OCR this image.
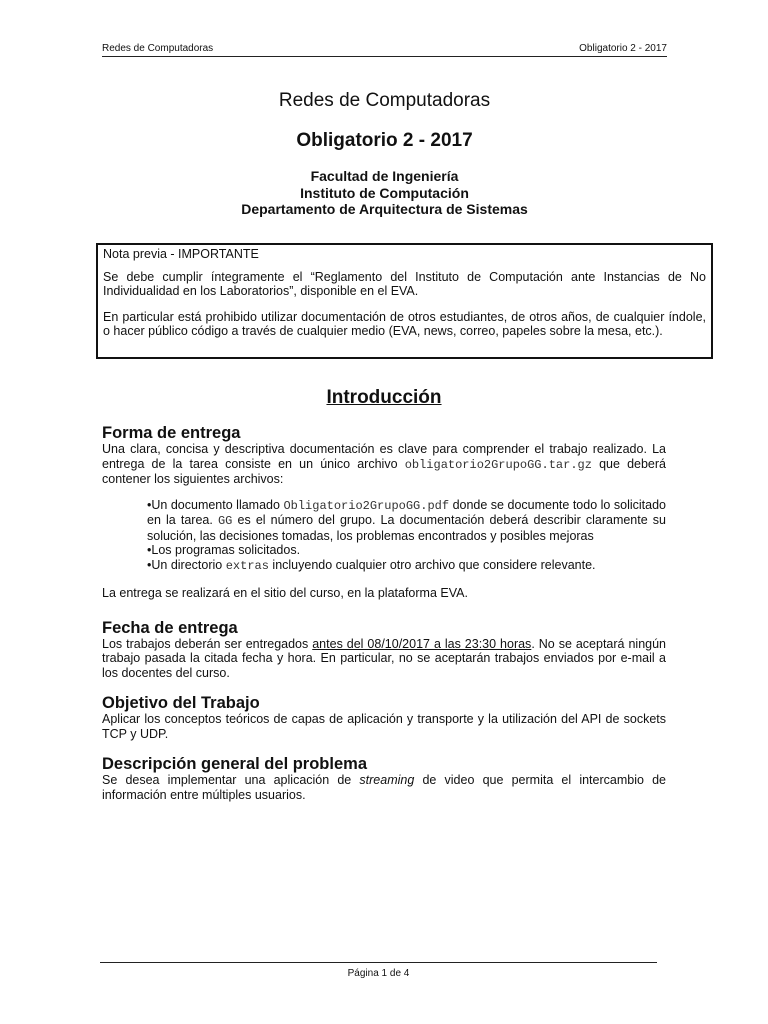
Redes de Computadoras	Obligatorio 2 - 2017
Redes de Computadoras
Obligatorio 2 - 2017
Facultad de Ingeniería
Instituto de Computación
Departamento de Arquitectura de Sistemas

Nota previa - IMPORTANTE

Se debe cumplir íntegramente el “Reglamento del Instituto de Computación ante Instancias de No Individualidad en los Laboratorios”, disponible en el EVA.

En particular está prohibido utilizar documentación de otros estudiantes, de otros años, de cualquier índole, o hacer público código a través de cualquier medio (EVA, news, correo, papeles sobre la mesa, etc.).

Introducción
Forma de entrega

Una clara, concisa y descriptiva documentación es clave para comprender el trabajo realizado. La entrega de la tarea consiste en un único archivo obligatorio2GrupoGG.tar.gz que deberá contener los siguientes archivos:

•Un documento llamado Obligatorio2GrupoGG.pdf donde se documente todo lo solicitado en la tarea. GG es el número del grupo. La documentación deberá describir claramente su solución, las decisiones tomadas, los problemas encontrados y posibles mejoras
•Los programas solicitados.
•Un directorio extras incluyendo cualquier otro archivo que considere relevante.

La entrega se realizará en el sitio del curso, en la plataforma EVA.

Fecha de entrega

Los trabajos deberán ser entregados antes del 08/10/2017 a las 23:30 horas. No se aceptará ningún trabajo pasada la citada fecha y hora. En particular, no se aceptarán trabajos enviados por e-mail a los docentes del curso.

Objetivo del Trabajo

Aplicar los conceptos teóricos de capas de aplicación y transporte y la utilización del API de sockets TCP y UDP.

Descripción general del problema

Se desea implementar una aplicación de streaming de video que permita el intercambio de información entre múltiples usuarios.

Página 1 de 4
